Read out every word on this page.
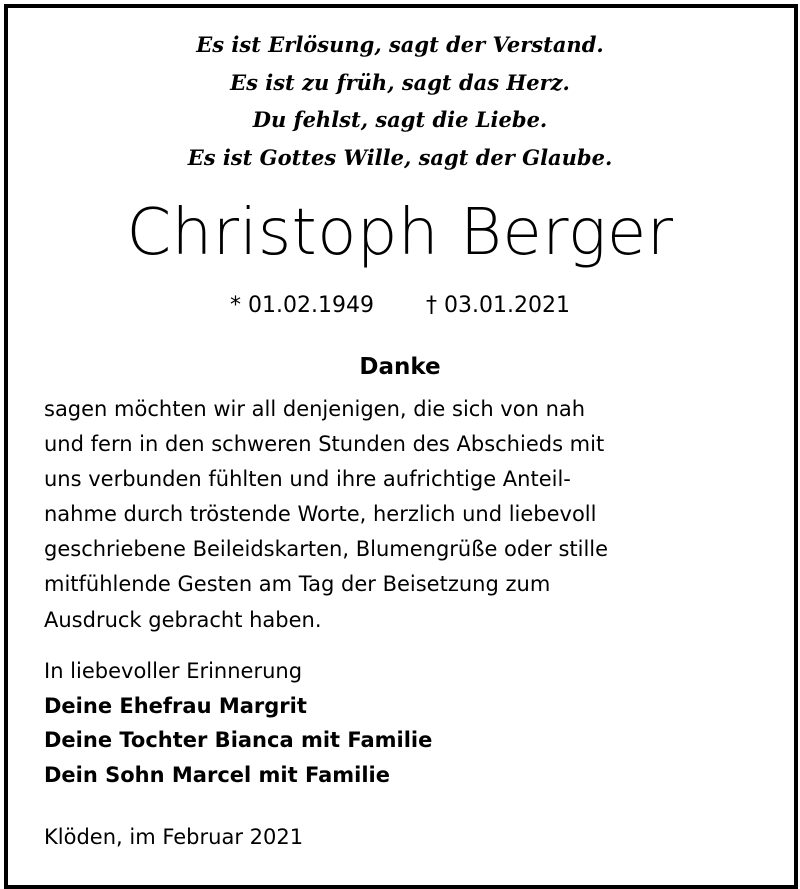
Es ist Erlösung, sagt der Verstand.
Es ist zu früh, sagt das Herz.
Du fehlst, sagt die Liebe.
Es ist Gottes Wille, sagt der Glaube.
Christoph Berger
* 01.02.1949 † 03.01.2021
Danke
sagen möchten wir all denjenigen, die sich von nah
und fern in den schweren Stunden des Abschieds mit
uns verbunden fühlten und ihre aufrichtige Anteil-
nahme durch tröstende Worte, herzlich und liebevoll
geschriebene Beileidskarten, Blumengrüße oder stille
mitfühlende Gesten am Tag der Beisetzung zum
Ausdruck gebracht haben.
In liebevoller Erinnerung
Deine Ehefrau Margrit
Deine Tochter Bianca mit Familie
Dein Sohn Marcel mit Familie
Klöden, im Februar 2021
